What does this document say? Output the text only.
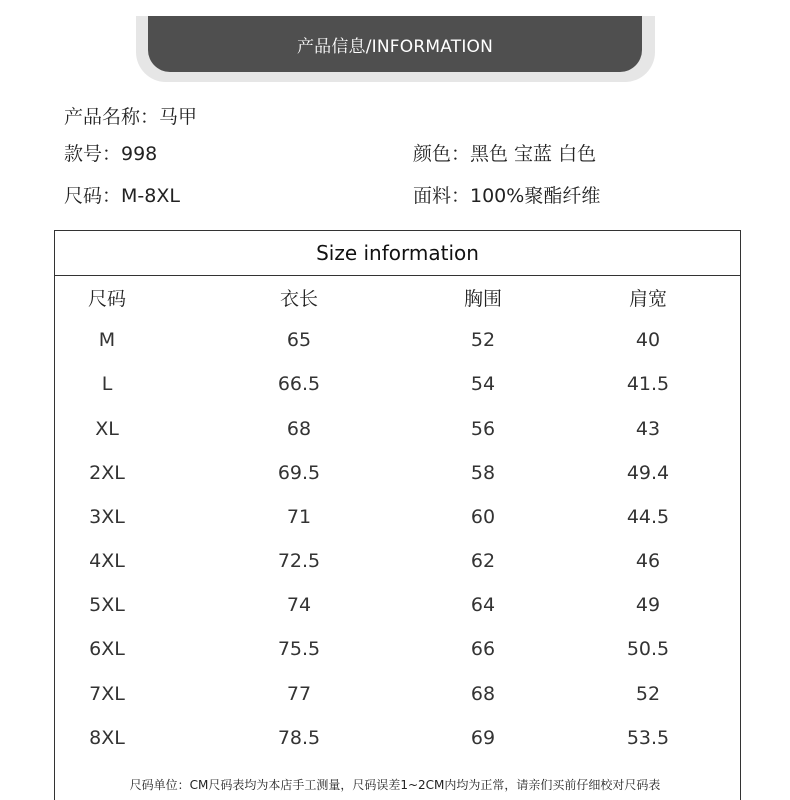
产品信息/INFORMATION
产品名称：马甲
款号：998
尺码：M-8XL
颜色：黑色 宝蓝 白色
面料：100%聚酯纤维
Size information
尺码	衣长	胸围	肩宽
M	65	52	40
L	66.5	54	41.5
XL	68	56	43
2XL	69.5	58	49.4
3XL	71	60	44.5
4XL	72.5	62	46
5XL	74	64	49
6XL	75.5	66	50.5
7XL	77	68	52
8XL	78.5	69	53.5
尺码单位：CM尺码表均为本店手工测量，尺码误差1~2CM内均为正常，请亲们买前仔细校对尺码表
